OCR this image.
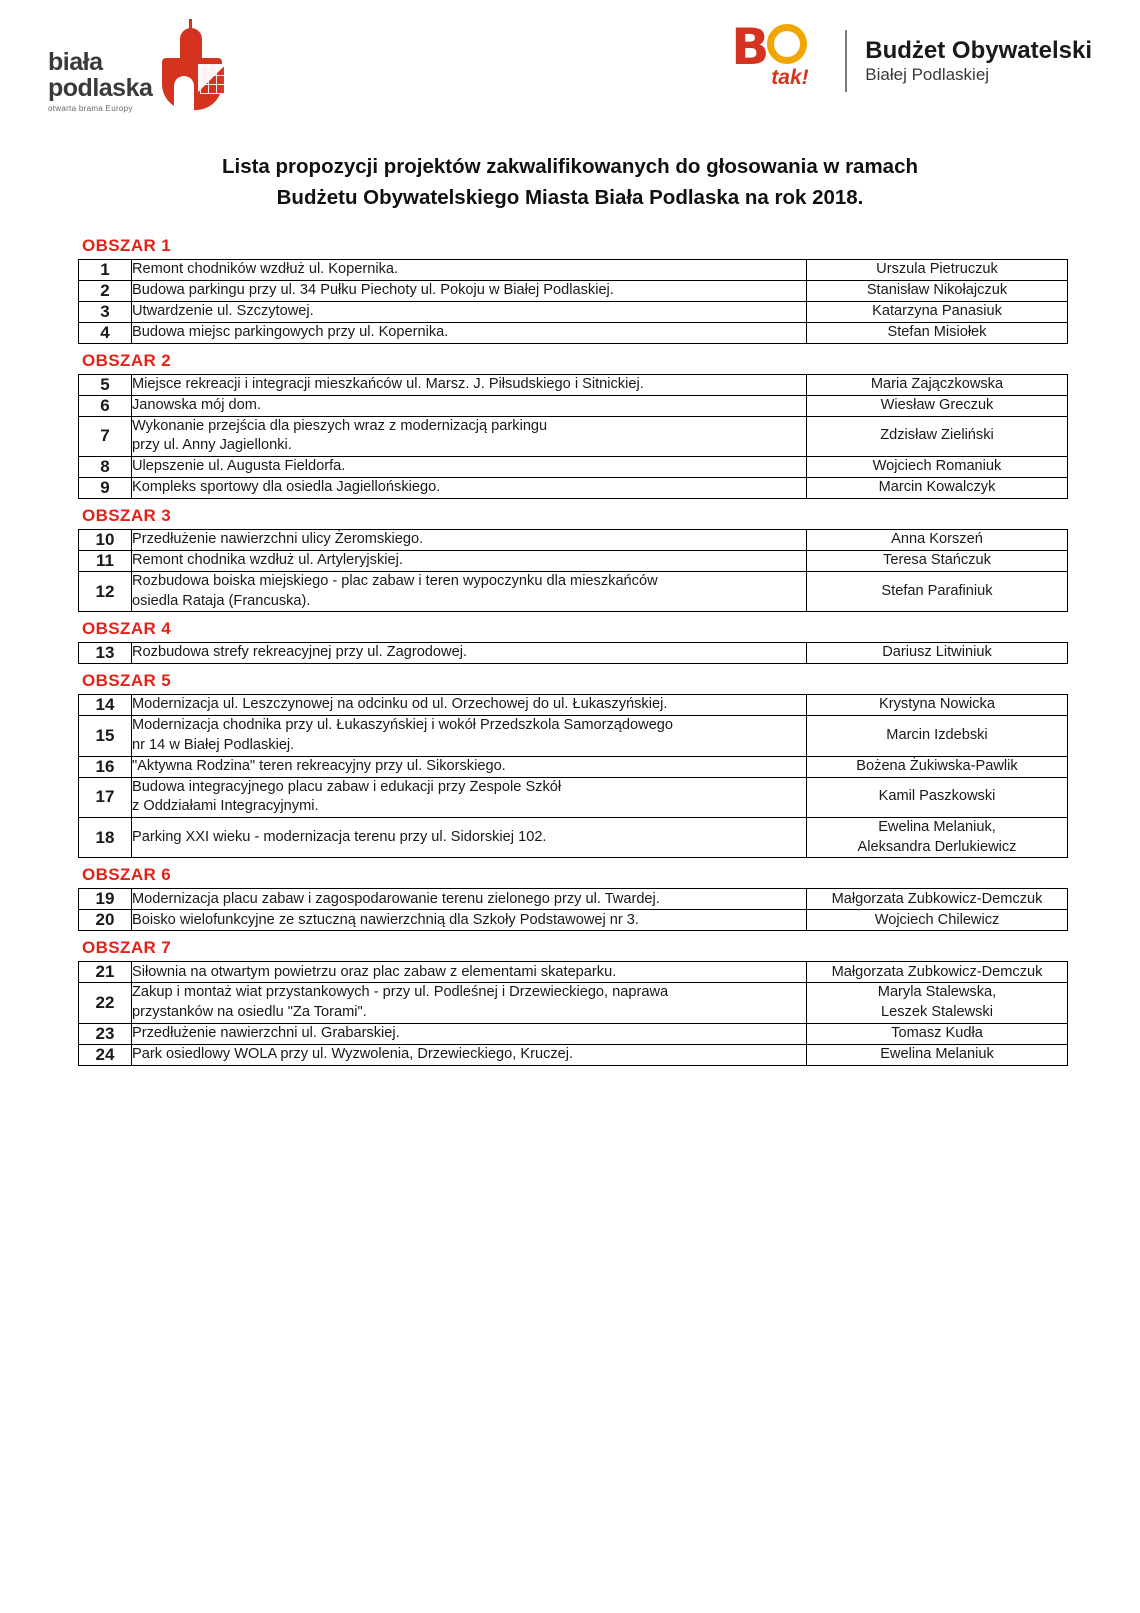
biała
podlaska
otwarta brama Europy
B
tak!
Budżet Obywatelski
Białej Podlaskiej
Lista propozycji projektów zakwalifikowanych do głosowania w ramach
Budżetu Obywatelskiego Miasta Biała Podlaska na rok 2018.
OBSZAR 1
1	Remont chodników wzdłuż ul. Kopernika.	Urszula Pietruczuk

2	Budowa parkingu przy ul. 34 Pułku Piechoty ul. Pokoju w Białej Podlaskiej.	Stanisław Nikołajczuk

3	Utwardzenie ul. Szczytowej.	Katarzyna Panasiuk

4	Budowa miejsc parkingowych przy ul. Kopernika.	Stefan Misiołek
OBSZAR 2
5	Miejsce rekreacji i integracji mieszkańców ul. Marsz. J. Piłsudskiego i Sitnickiej.	Maria Zajączkowska

6	Janowska mój dom.	Wiesław Greczuk

7	Wykonanie przejścia dla pieszych wraz z modernizacją parkingu
przy ul. Anny Jagiellonki.	Zdzisław Zieliński

8	Ulepszenie ul. Augusta Fieldorfa.	Wojciech Romaniuk

9	Kompleks sportowy dla osiedla Jagiellońskiego.	Marcin Kowalczyk
OBSZAR 3
10	Przedłużenie nawierzchni ulicy Żeromskiego.	Anna Korszeń

11	Remont chodnika wzdłuż ul. Artyleryjskiej.	Teresa Stańczuk

12	Rozbudowa boiska miejskiego - plac zabaw i teren wypoczynku dla mieszkańców
osiedla Rataja (Francuska).	Stefan Parafiniuk
OBSZAR 4
13	Rozbudowa strefy rekreacyjnej przy ul. Zagrodowej.	Dariusz Litwiniuk
OBSZAR 5
14	Modernizacja ul. Leszczynowej na odcinku od ul. Orzechowej do ul. Łukaszyńskiej.	Krystyna Nowicka

15	Modernizacja chodnika przy ul. Łukaszyńskiej i wokół Przedszkola Samorządowego
nr 14 w Białej Podlaskiej.	Marcin Izdebski

16	"Aktywna Rodzina" teren rekreacyjny przy ul. Sikorskiego.	Bożena Żukiwska-Pawlik

17	Budowa integracyjnego placu zabaw i edukacji przy Zespole Szkół
z Oddziałami Integracyjnymi.	Kamil Paszkowski

18	Parking XXI wieku - modernizacja terenu przy ul. Sidorskiej 102.	Ewelina Melaniuk,
Aleksandra Derlukiewicz
OBSZAR 6
19	Modernizacja placu zabaw i zagospodarowanie terenu zielonego przy ul. Twardej.	Małgorzata Zubkowicz-Demczuk

20	Boisko wielofunkcyjne ze sztuczną nawierzchnią dla Szkoły Podstawowej nr 3.	Wojciech Chilewicz
OBSZAR 7
21	Siłownia na otwartym powietrzu oraz plac zabaw z elementami skateparku.	Małgorzata Zubkowicz-Demczuk

22	Zakup i montaż wiat przystankowych - przy ul. Podleśnej i Drzewieckiego, naprawa
przystanków na osiedlu "Za Torami".	Maryla Stalewska,
Leszek Stalewski

23	Przedłużenie nawierzchni ul. Grabarskiej.	Tomasz Kudła

24	Park osiedlowy WOLA przy ul. Wyzwolenia, Drzewieckiego, Kruczej.	Ewelina Melaniuk
